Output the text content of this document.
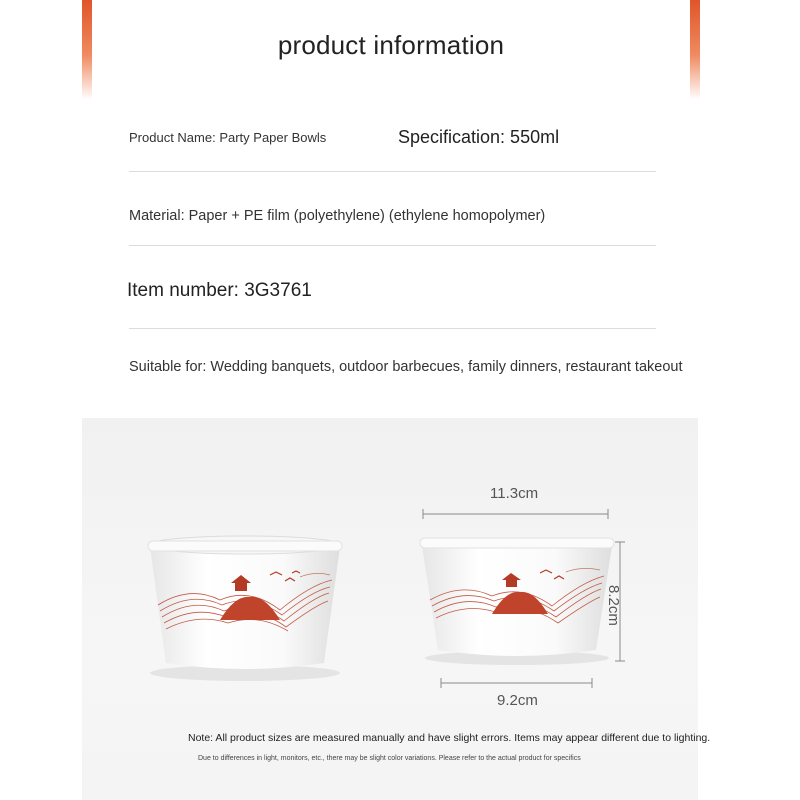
product information
Product Name: Party Paper Bowls	Specification: 550ml
Material: Paper + PE film (polyethylene) (ethylene homopolymer)
Item number: 3G3761
Suitable for: Wedding banquets, outdoor barbecues, family dinners, restaurant takeout
11.3cm
8.2cm
9.2cm
Note: All product sizes are measured manually and have slight errors. Items may appear different due to lighting.
Due to differences in light, monitors, etc., there may be slight color variations. Please refer to the actual product for specifics
